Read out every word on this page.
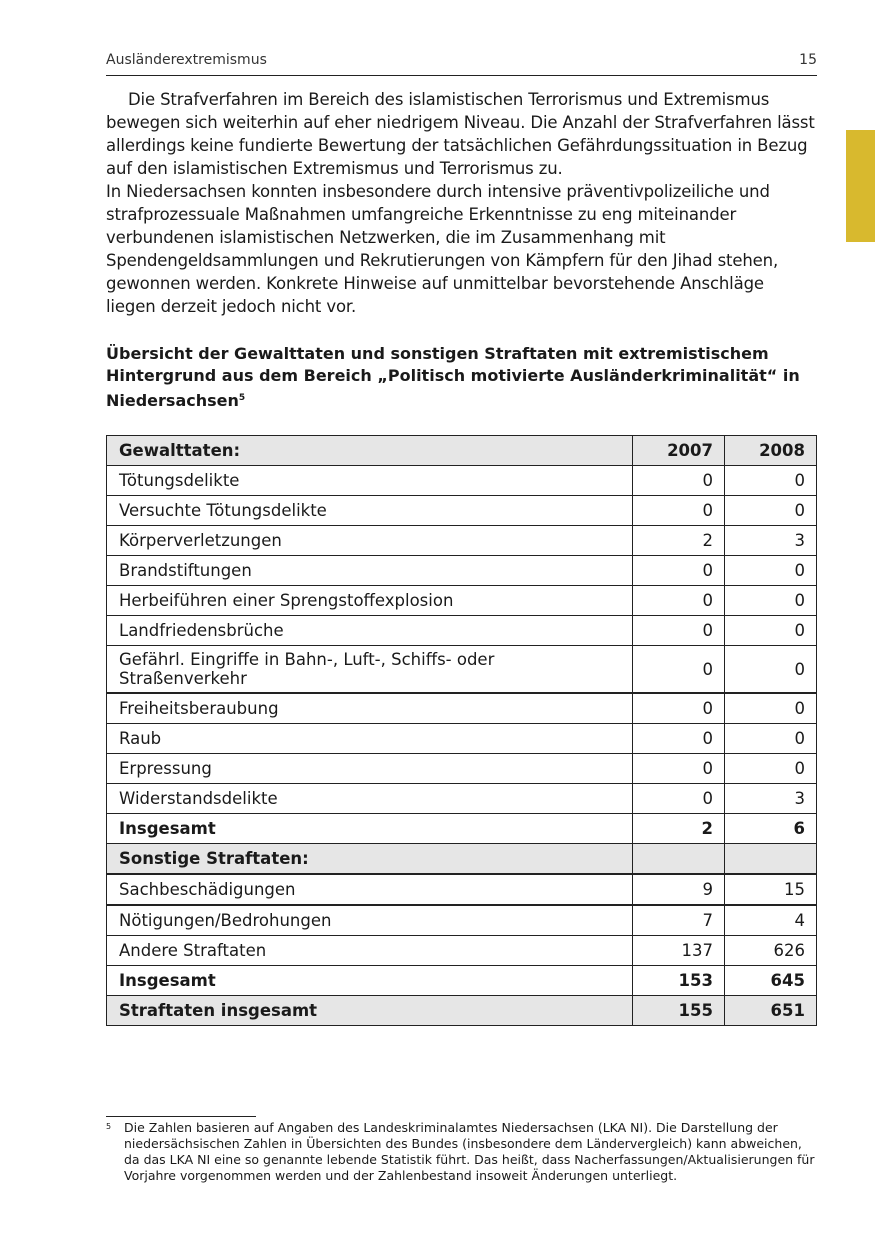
Ausländerextremismus	15

Die Strafverfahren im Bereich des islamistischen Terrorismus und Extremismus bewegen sich weiterhin auf eher niedrigem Niveau. Die Anzahl der Strafverfahren lässt allerdings keine fundierte Bewertung der tatsächlichen Gefährdungssituation in Bezug auf den islamistischen Extremismus und Terrorismus zu.

In Niedersachsen konnten insbesondere durch intensive präventivpolizeiliche und strafprozessuale Maßnahmen umfangreiche Erkenntnisse zu eng miteinander verbundenen islamistischen Netzwerken, die im Zusammenhang mit Spendengeldsammlungen und Rekrutierungen von Kämpfern für den Jihad stehen, gewonnen werden. Konkrete Hinweise auf unmittelbar bevorstehende Anschläge liegen derzeit jedoch nicht vor.

Übersicht der Gewalttaten und sonstigen Straftaten mit extremistischem Hintergrund aus dem Bereich „Politisch motivierte Ausländerkriminalität“ in Niedersachsen$^5$
Gewalttaten:	2007	2008
Tötungsdelikte	0	0
Versuchte Tötungsdelikte	0	0
Körperverletzungen	2	3
Brandstiftungen	0	0
Herbeiführen einer Sprengstoffexplosion	0	0
Landfriedensbrüche	0	0
Gefährl. Eingriffe in Bahn-, Luft-, Schiffs- oder Straßenverkehr	0	0
Freiheitsberaubung	0	0
Raub	0	0
Erpressung	0	0
Widerstandsdelikte	0	3
Insgesamt	2	6
Sonstige Straftaten:		
Sachbeschädigungen	9	15
Nötigungen/Bedrohungen	7	4
Andere Straftaten	137	626
Insgesamt	153	645
Straftaten insgesamt	155	651
5 Die Zahlen basieren auf Angaben des Landeskriminalamtes Niedersachsen (LKA NI). Die Darstellung der niedersächsischen Zahlen in Übersichten des Bundes (insbesondere dem Ländervergleich) kann abweichen, da das LKA NI eine so genannte lebende Statistik führt. Das heißt, dass Nacherfassungen/Aktualisierungen für Vorjahre vorgenommen werden und der Zahlenbestand insoweit Änderungen unterliegt.
